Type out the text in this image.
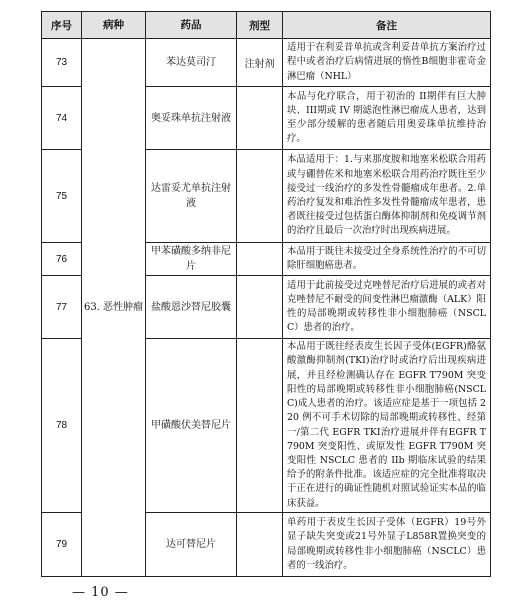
序号	病种	药品	剂型	备注
73	63. 恶性肿瘤	苯达莫司汀	注射剂	适用于在利妥昔单抗或含利妥昔单抗方案治疗过程中或者治疗后病情进展的惰性B细胞非霍奇金淋巴瘤（NHL）
74		奥妥珠单抗注射液		本品与化疗联合，用于初治的 II期伴有巨大肿块、III期或 IV 期滤泡性淋巴瘤成人患者，达到至少部分缓解的患者随后用奥妥珠单抗维持治疗。
75		达雷妥尤单抗注射液		本品适用于：1.与来那度胺和地塞米松联合用药或与硼替佐米和地塞米松联合用药治疗既往至少接受过一线治疗的多发性骨髓瘤成年患者。2.单药治疗复发和难治性多发性骨髓瘤成年患者，患者既往接受过包括蛋白酶体抑制剂和免疫调节剂的治疗且最后一次治疗时出现疾病进展。
76		甲苯磺酸多纳非尼片		本品用于既往未接受过全身系统性治疗的不可切除肝细胞癌患者。
77		盐酸恩沙替尼胶囊		适用于此前接受过克唑替尼治疗后进展的或者对克唑替尼不耐受的间变性淋巴瘤激酶（ALK）阳性的局部晚期或转移性非小细胞肺癌（NSCLC）患者的治疗。
78		甲磺酸伏美替尼片		本品用于既往经表皮生长因子受体(EGFR)酪氨酸激酶抑制剂(TKI)治疗时或治疗后出现疾病进展，并且经检测确认存在 EGFR T790M 突变阳性的局部晚期或转移性非小细胞肺癌(NSCLC)成人患者的治疗。该适应症是基于一项包括 220 例不可手术切除的局部晚期或转移性、经第一/第二代 EGFR TKI治疗进展并伴有EGFR T790M 突变阳性、或原发性 EGFR T790M 突变阳性 NSCLC 患者的 IIb 期临床试验的结果给予的附条件批准。该适应症的完全批准将取决于正在进行的确证性随机对照试验证实本品的临床获益。
79		达可替尼片		单药用于表皮生长因子受体（EGFR）19号外显子缺失突变或21号外显子L858R置换突变的局部晚期或转移性非小细胞肺癌（NSCLC）患者的一线治疗。
— 10 —
